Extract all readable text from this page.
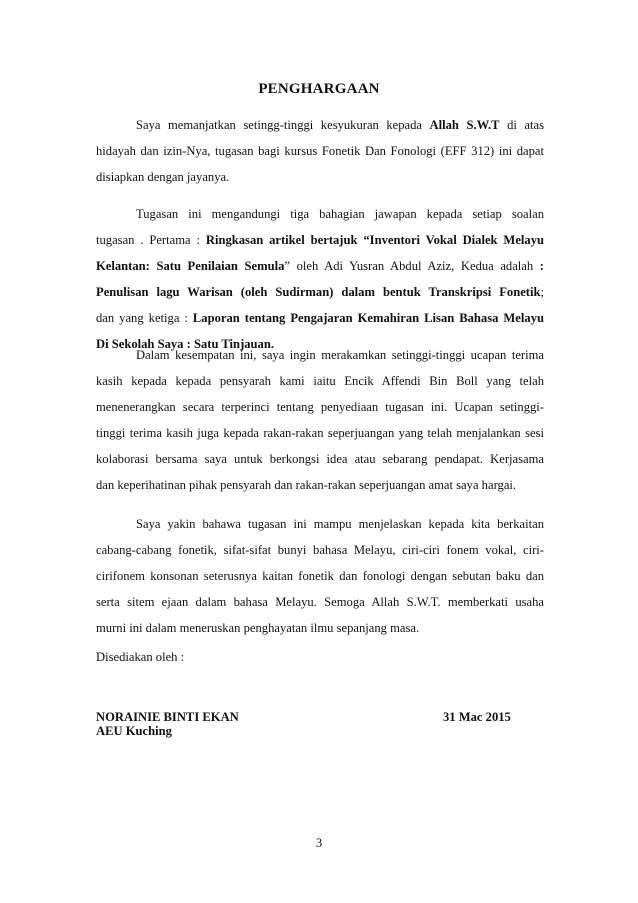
PENGHARGAAN
Saya memanjatkan setingg-tinggi kesyukuran kepada Allah S.W.T di atas
hidayah dan izin-Nya, tugasan bagi kursus Fonetik Dan Fonologi (EFF 312) ini dapat
disiapkan dengan jayanya.
Tugasan ini mengandungi tiga bahagian jawapan kepada setiap soalan
tugasan . Pertama : Ringkasan artikel bertajuk “Inventori Vokal Dialek Melayu
Kelantan: Satu Penilaian Semula” oleh Adi Yusran Abdul Aziz, Kedua adalah :
Penulisan lagu Warisan (oleh Sudirman) dalam bentuk Transkripsi Fonetik;
dan yang ketiga : Laporan tentang Pengajaran Kemahiran Lisan Bahasa Melayu
Di Sekolah Saya : Satu Tinjauan.
Dalam kesempatan ini, saya ingin merakamkan setinggi-tinggi ucapan terima
kasih kepada kepada pensyarah kami iaitu Encik Affendi Bin Boll yang telah
menenerangkan secara terperinci tentang penyediaan tugasan ini. Ucapan setinggi-
tinggi terima kasih juga kepada rakan-rakan seperjuangan yang telah menjalankan sesi
kolaborasi bersama saya untuk berkongsi idea atau sebarang pendapat. Kerjasama
dan keperihatinan pihak pensyarah dan rakan-rakan seperjuangan amat saya hargai.
Saya yakin bahawa tugasan ini mampu menjelaskan kepada kita berkaitan
cabang-cabang fonetik, sifat-sifat bunyi bahasa Melayu, ciri-ciri fonem vokal, ciri-
cirifonem konsonan seterusnya kaitan fonetik dan fonologi dengan sebutan baku dan
serta sitem ejaan dalam bahasa Melayu. Semoga Allah S.W.T. memberkati usaha
murni ini dalam meneruskan penghayatan ilmu sepanjang masa.
Disediakan oleh :
NORAINIE BINTI EKAN	31 Mac 2015
AEU Kuching
3
